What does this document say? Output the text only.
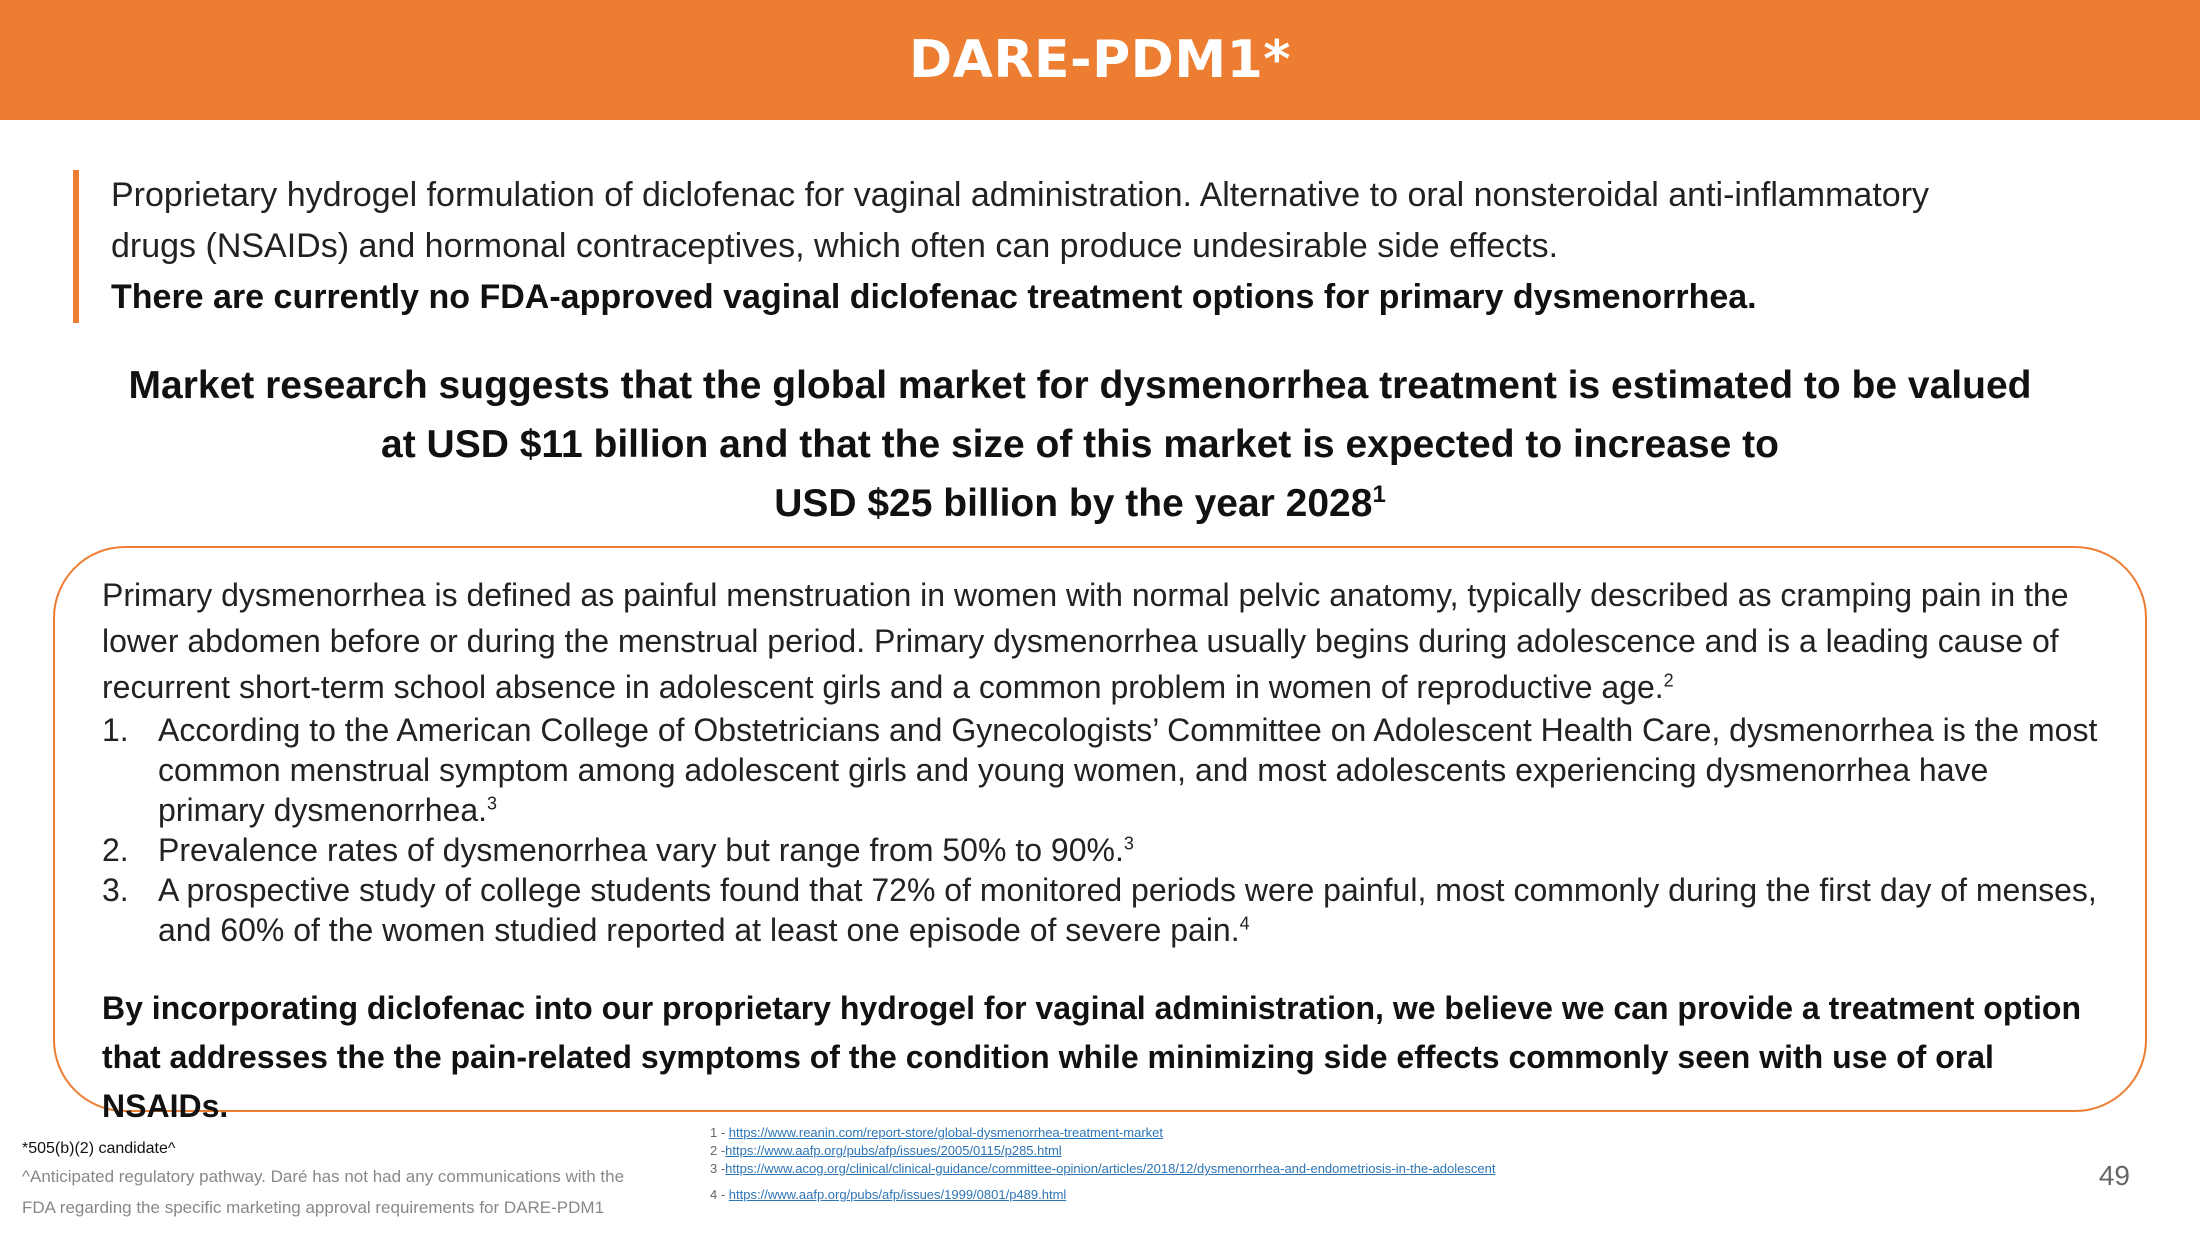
DARE-PDM1*

Proprietary hydrogel formulation of diclofenac for vaginal administration. Alternative to oral nonsteroidal anti-inflammatory

drugs (NSAIDs) and hormonal contraceptives, which often can produce undesirable side effects.

There are currently no FDA-approved vaginal diclofenac treatment options for primary dysmenorrhea.

Market research suggests that the global market for dysmenorrhea treatment is estimated to be valued
at USD $11 billion and that the size of this market is expected to increase to
USD $25 billion by the year 2028$^1$

Primary dysmenorrhea is defined as painful menstruation in women with normal pelvic anatomy, typically described as cramping pain in the lower abdomen before or during the menstrual period. Primary dysmenorrhea usually begins during adolescence and is a leading cause of recurrent short-term school absence in adolescent girls and a common problem in women of reproductive age.$^2$

1. According to the American College of Obstetricians and Gynecologists’ Committee on Adolescent Health Care, dysmenorrhea is the most common menstrual symptom among adolescent girls and young women, and most adolescents experiencing dysmenorrhea have primary dysmenorrhea.$^3$
2. Prevalence rates of dysmenorrhea vary but range from 50% to 90%.$^3$
3. A prospective study of college students found that 72% of monitored periods were painful, most commonly during the first day of menses, and 60% of the women studied reported at least one episode of severe pain.$^4$

By incorporating diclofenac into our proprietary hydrogel for vaginal administration, we believe we can provide a treatment option that addresses the the pain-related symptoms of the condition while minimizing side effects commonly seen with use of oral NSAIDs.

*505(b)(2) candidate^
^Anticipated regulatory pathway. Daré has not had any communications with the
FDA regarding the specific marketing approval requirements for DARE-PDM1
1 - https://www.reanin.com/report-store/global-dysmenorrhea-treatment-market
2 -https://www.aafp.org/pubs/afp/issues/2005/0115/p285.html
3 -https://www.acog.org/clinical/clinical-guidance/committee-opinion/articles/2018/12/dysmenorrhea-and-endometriosis-in-the-adolescent
4 - https://www.aafp.org/pubs/afp/issues/1999/0801/p489.html
49
